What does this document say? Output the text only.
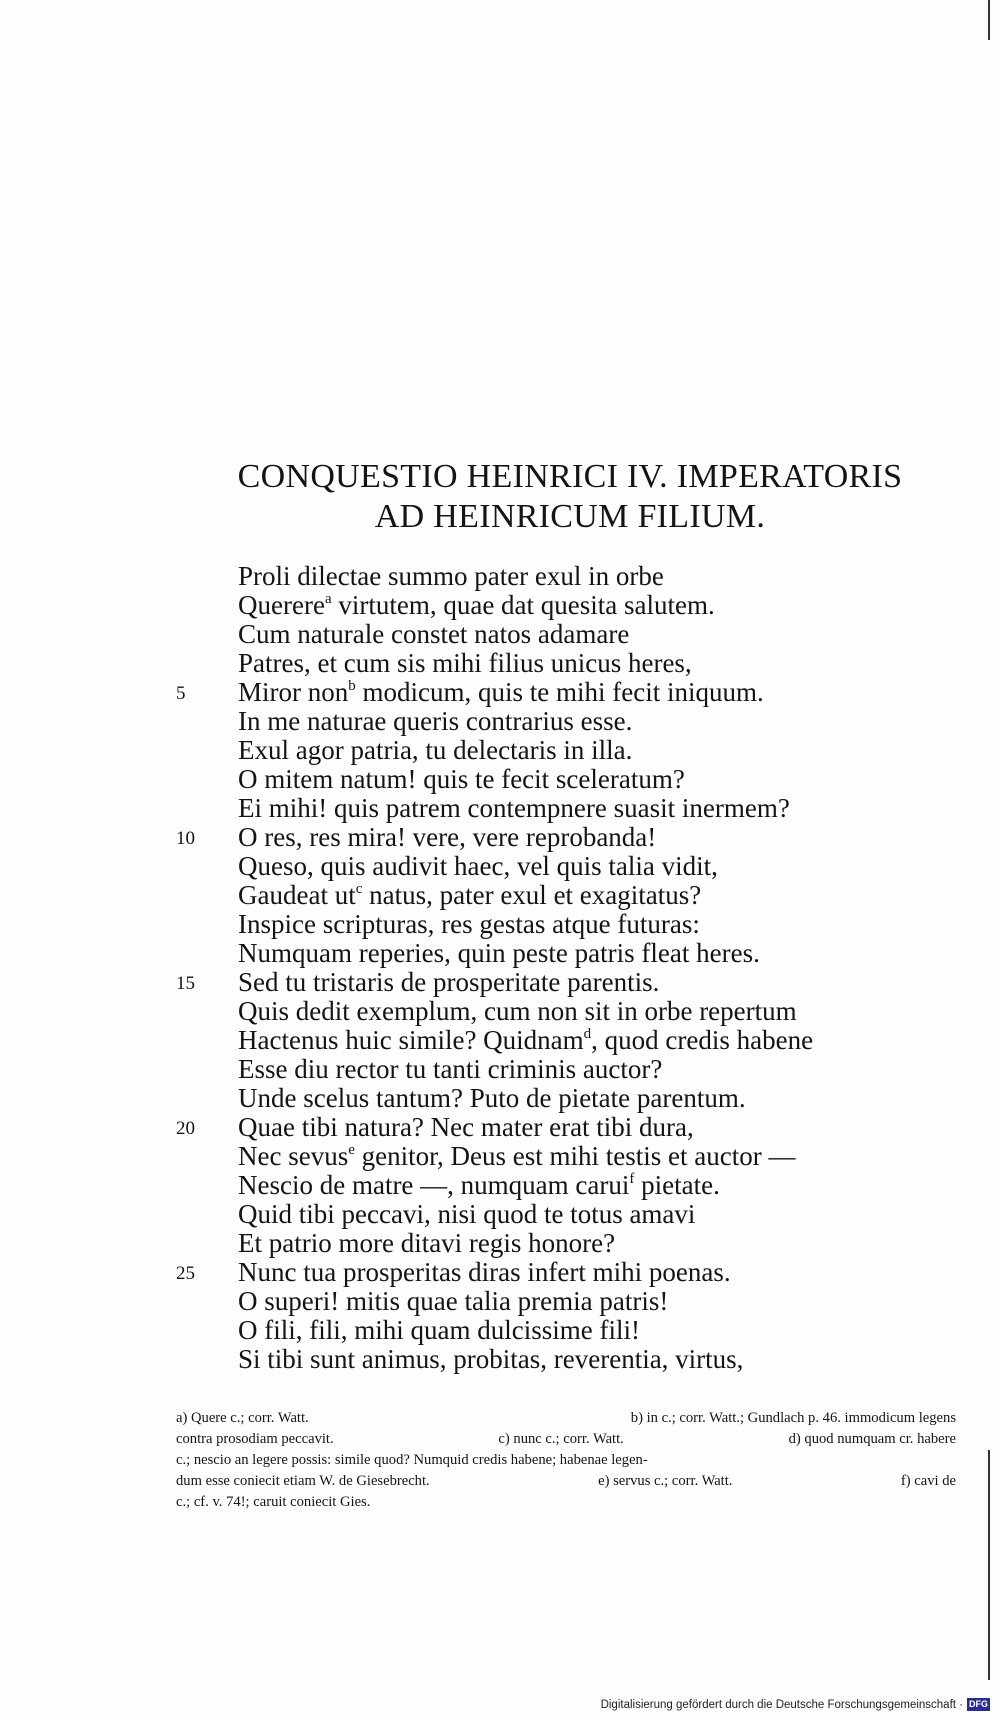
CONQUESTIO HEINRICI IV. IMPERATORIS
AD HEINRICUM FILIUM.
Proli dilectae summo pater exul in orbe
Querere$^a$ virtutem, quae dat quesita salutem.
Cum naturale constet natos adamare
Patres, et cum sis mihi filius unicus heres,
5	Miror non$^b$ modicum, quis te mihi fecit iniquum.
In me naturae queris contrarius esse.
Exul agor patria, tu delectaris in illa.
O mitem natum! quis te fecit sceleratum?
Ei mihi! quis patrem contempnere suasit inermem?
10	O res, res mira! vere, vere reprobanda!
Queso, quis audivit haec, vel quis talia vidit,
Gaudeat $ut^c$ natus, pater exul et exagitatus?
Inspice scripturas, res gestas atque futuras:
Numquam reperies, quin peste patris fleat heres.
15	Sed tu tristaris de prosperitate parentis.
Quis dedit exemplum, cum non sit in orbe repertum
Hactenus huic simile? Quidnam$^d$, quod credis habene
Esse diu rector tu tanti criminis auctor?
Unde scelus tantum? Puto de pietate parentum.
20	Quae tibi natura? Nec mater erat tibi dura,
Nec sevus$^e$ genitor, Deus est mihi testis et auctor —
Nescio de matre —, numquam carui$^f$ pietate.
Quid tibi peccavi, nisi quod te totus amavi
Et patrio more ditavi regis honore?
25	Nunc tua prosperitas diras infert mihi poenas.
O superi! mitis quae talia premia patris!
O fili, fili, mihi quam dulcissime fili!
Si tibi sunt animus, probitas, reverentia, virtus,
a) Quere c.; corr. Watt.	b) in c.; corr. Watt.; Gundlach p. 46. immodicum legens
contra prosodiam peccavit.	c) nunc c.; corr. Watt.	d) quod numquam cr. habere
c.; nescio an legere possis: simile quod? Numquid credis habene; habenae legen-
dum esse coniecit etiam W. de Giesebrecht.	e) servus c.; corr. Watt.	f) cavi de
c.; cf. v. 74!; caruit coniecit Gies.
Digitalisierung gefördert durch die Deutsche Forschungsgemeinschaft · DFG
